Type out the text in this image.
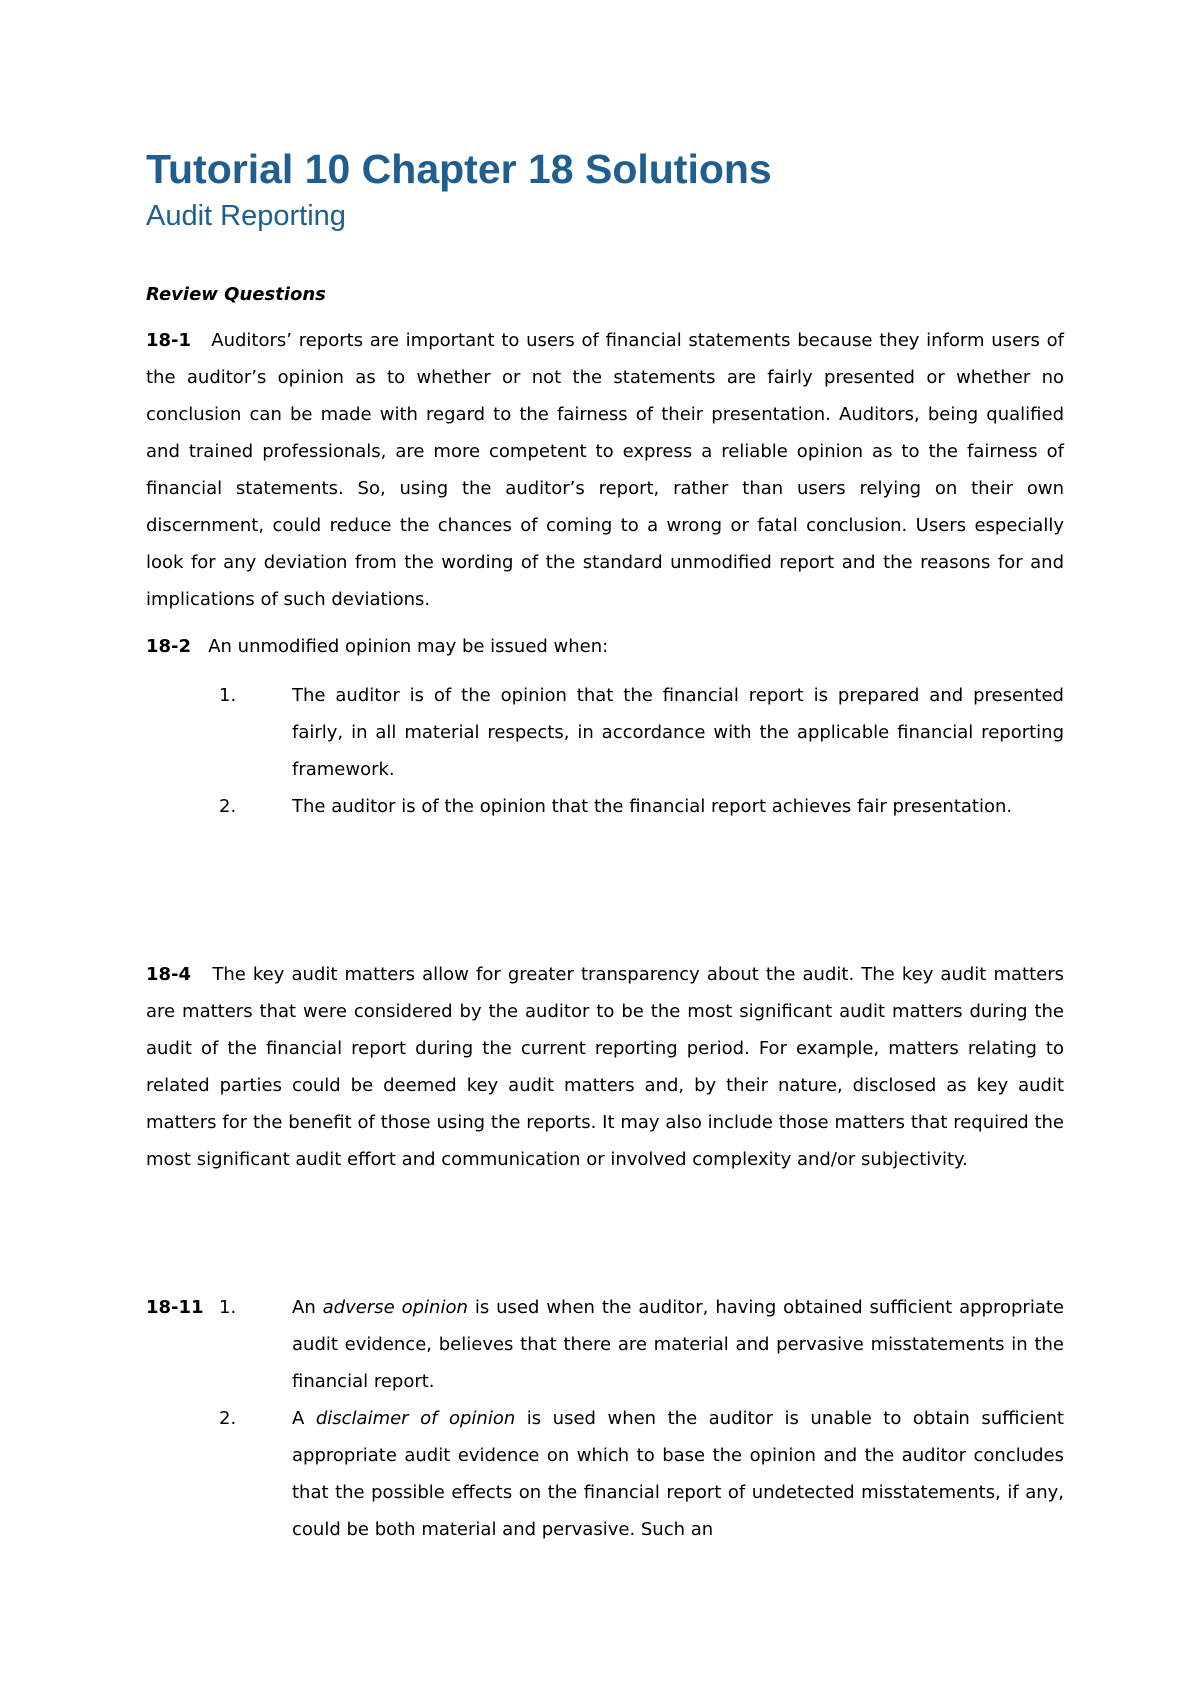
Tutorial 10 Chapter 18 Solutions
Audit Reporting
Review Questions

18-1 Auditors’ reports are important to users of financial statements because they inform users of the auditor’s opinion as to whether or not the statements are fairly presented or whether no conclusion can be made with regard to the fairness of their presentation. Auditors, being qualified and trained professionals, are more competent to express a reliable opinion as to the fairness of financial statements. So, using the auditor’s report, rather than users relying on their own discernment, could reduce the chances of coming to a wrong or fatal conclusion. Users especially look for any deviation from the wording of the standard unmodified report and the reasons for and implications of such deviations.

18-2 An unmodified opinion may be issued when:

1.	The auditor is of the opinion that the financial report is prepared and presented fairly, in all material respects, in accordance with the applicable financial reporting framework.
2.	The auditor is of the opinion that the financial report achieves fair presentation.

18-4 The key audit matters allow for greater transparency about the audit. The key audit matters are matters that were considered by the auditor to be the most significant audit matters during the audit of the financial report during the current reporting period. For example, matters relating to related parties could be deemed key audit matters and, by their nature, disclosed as key audit matters for the benefit of those using the reports. It may also include those matters that required the most significant audit effort and communication or involved complexity and/or subjectivity.

18-11 1.	An adverse opinion is used when the auditor, having obtained sufficient appropriate audit evidence, believes that there are material and pervasive misstatements in the financial report.
2.	A disclaimer of opinion is used when the auditor is unable to obtain sufficient appropriate audit evidence on which to base the opinion and the auditor concludes that the possible effects on the financial report of undetected misstatements, if any, could be both material and pervasive. Such an
